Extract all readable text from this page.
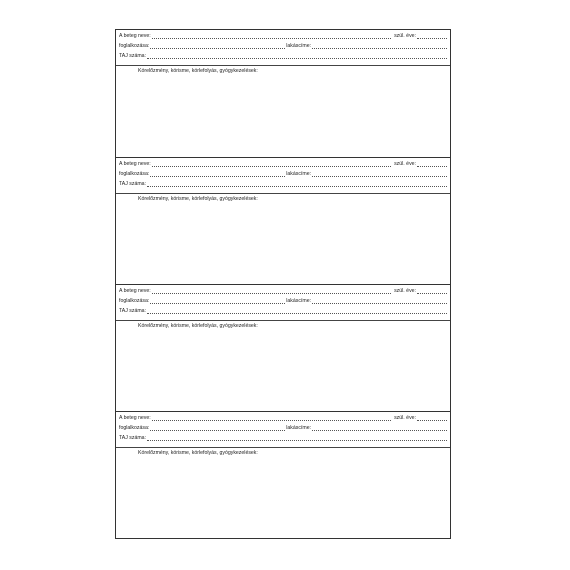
A beteg neve:	szül. éve:
foglalkozása:	lakáscíme:
TAJ száma:
Kórelőzmény, kórisme, kórlefolyás, gyógykezelések:
A beteg neve:	szül. éve:
foglalkozása:	lakáscíme:
TAJ száma:
Kórelőzmény, kórisme, kórlefolyás, gyógykezelések:
A beteg neve:	szül. éve:
foglalkozása:	lakáscíme:
TAJ száma:
Kórelőzmény, kórisme, kórlefolyás, gyógykezelések:
A beteg neve:	szül. éve:
foglalkozása:	lakáscíme:
TAJ száma:
Kórelőzmény, kórisme, kórlefolyás, gyógykezelések:
